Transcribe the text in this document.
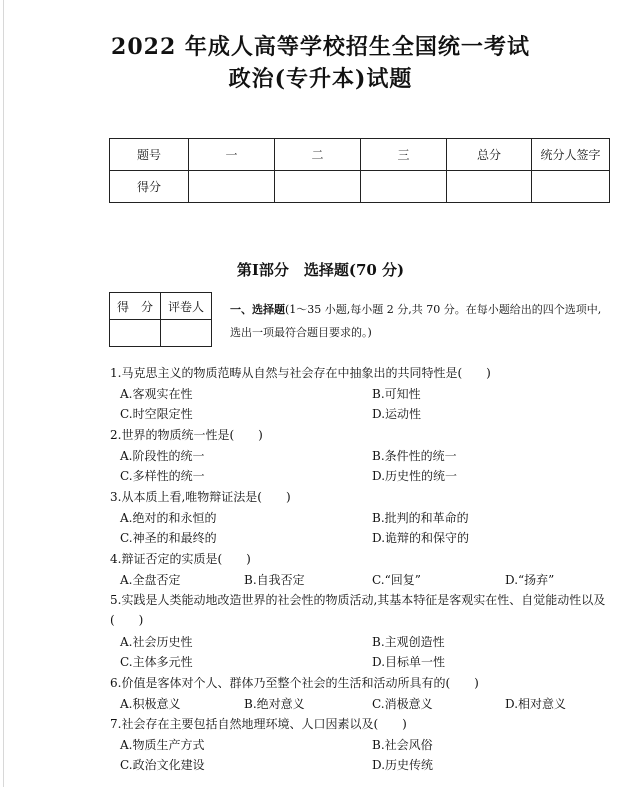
2022 年成人高等学校招生全国统一考试
政治(专升本)试题
题号	一	二	三	总分	统分人签字
得分					
第Ⅰ部分　选择题(70 分)
得　分	评卷人
	一、选择题(1～35 小题,每小题 2 分,共 70 分。在每小题给出的四个选项中,选出一项最符合题目要求的。)
1.马克思主义的物质范畴从自然与社会存在中抽象出的共同特性是(　　)
A.客观实在性	B.可知性
C.时空限定性	D.运动性
2.世界的物质统一性是(　　)
A.阶段性的统一	B.条件性的统一
C.多样性的统一	D.历史性的统一
3.从本质上看,唯物辩证法是(　　)
A.绝对的和永恒的	B.批判的和革命的
C.神圣的和最终的	D.诡辩的和保守的
4.辩证否定的实质是(　　)
A.全盘否定	B.自我否定	C.“回复”	D.“扬弃”
5.实践是人类能动地改造世界的社会性的物质活动,其基本特征是客观实在性、自觉能动性以及(　　)
A.社会历史性	B.主观创造性
C.主体多元性	D.目标单一性
6.价值是客体对个人、群体乃至整个社会的生活和活动所具有的(　　)
A.积极意义	B.绝对意义	C.消极意义	D.相对意义
7.社会存在主要包括自然地理环境、人口因素以及(　　)
A.物质生产方式	B.社会风俗
C.政治文化建设	D.历史传统
